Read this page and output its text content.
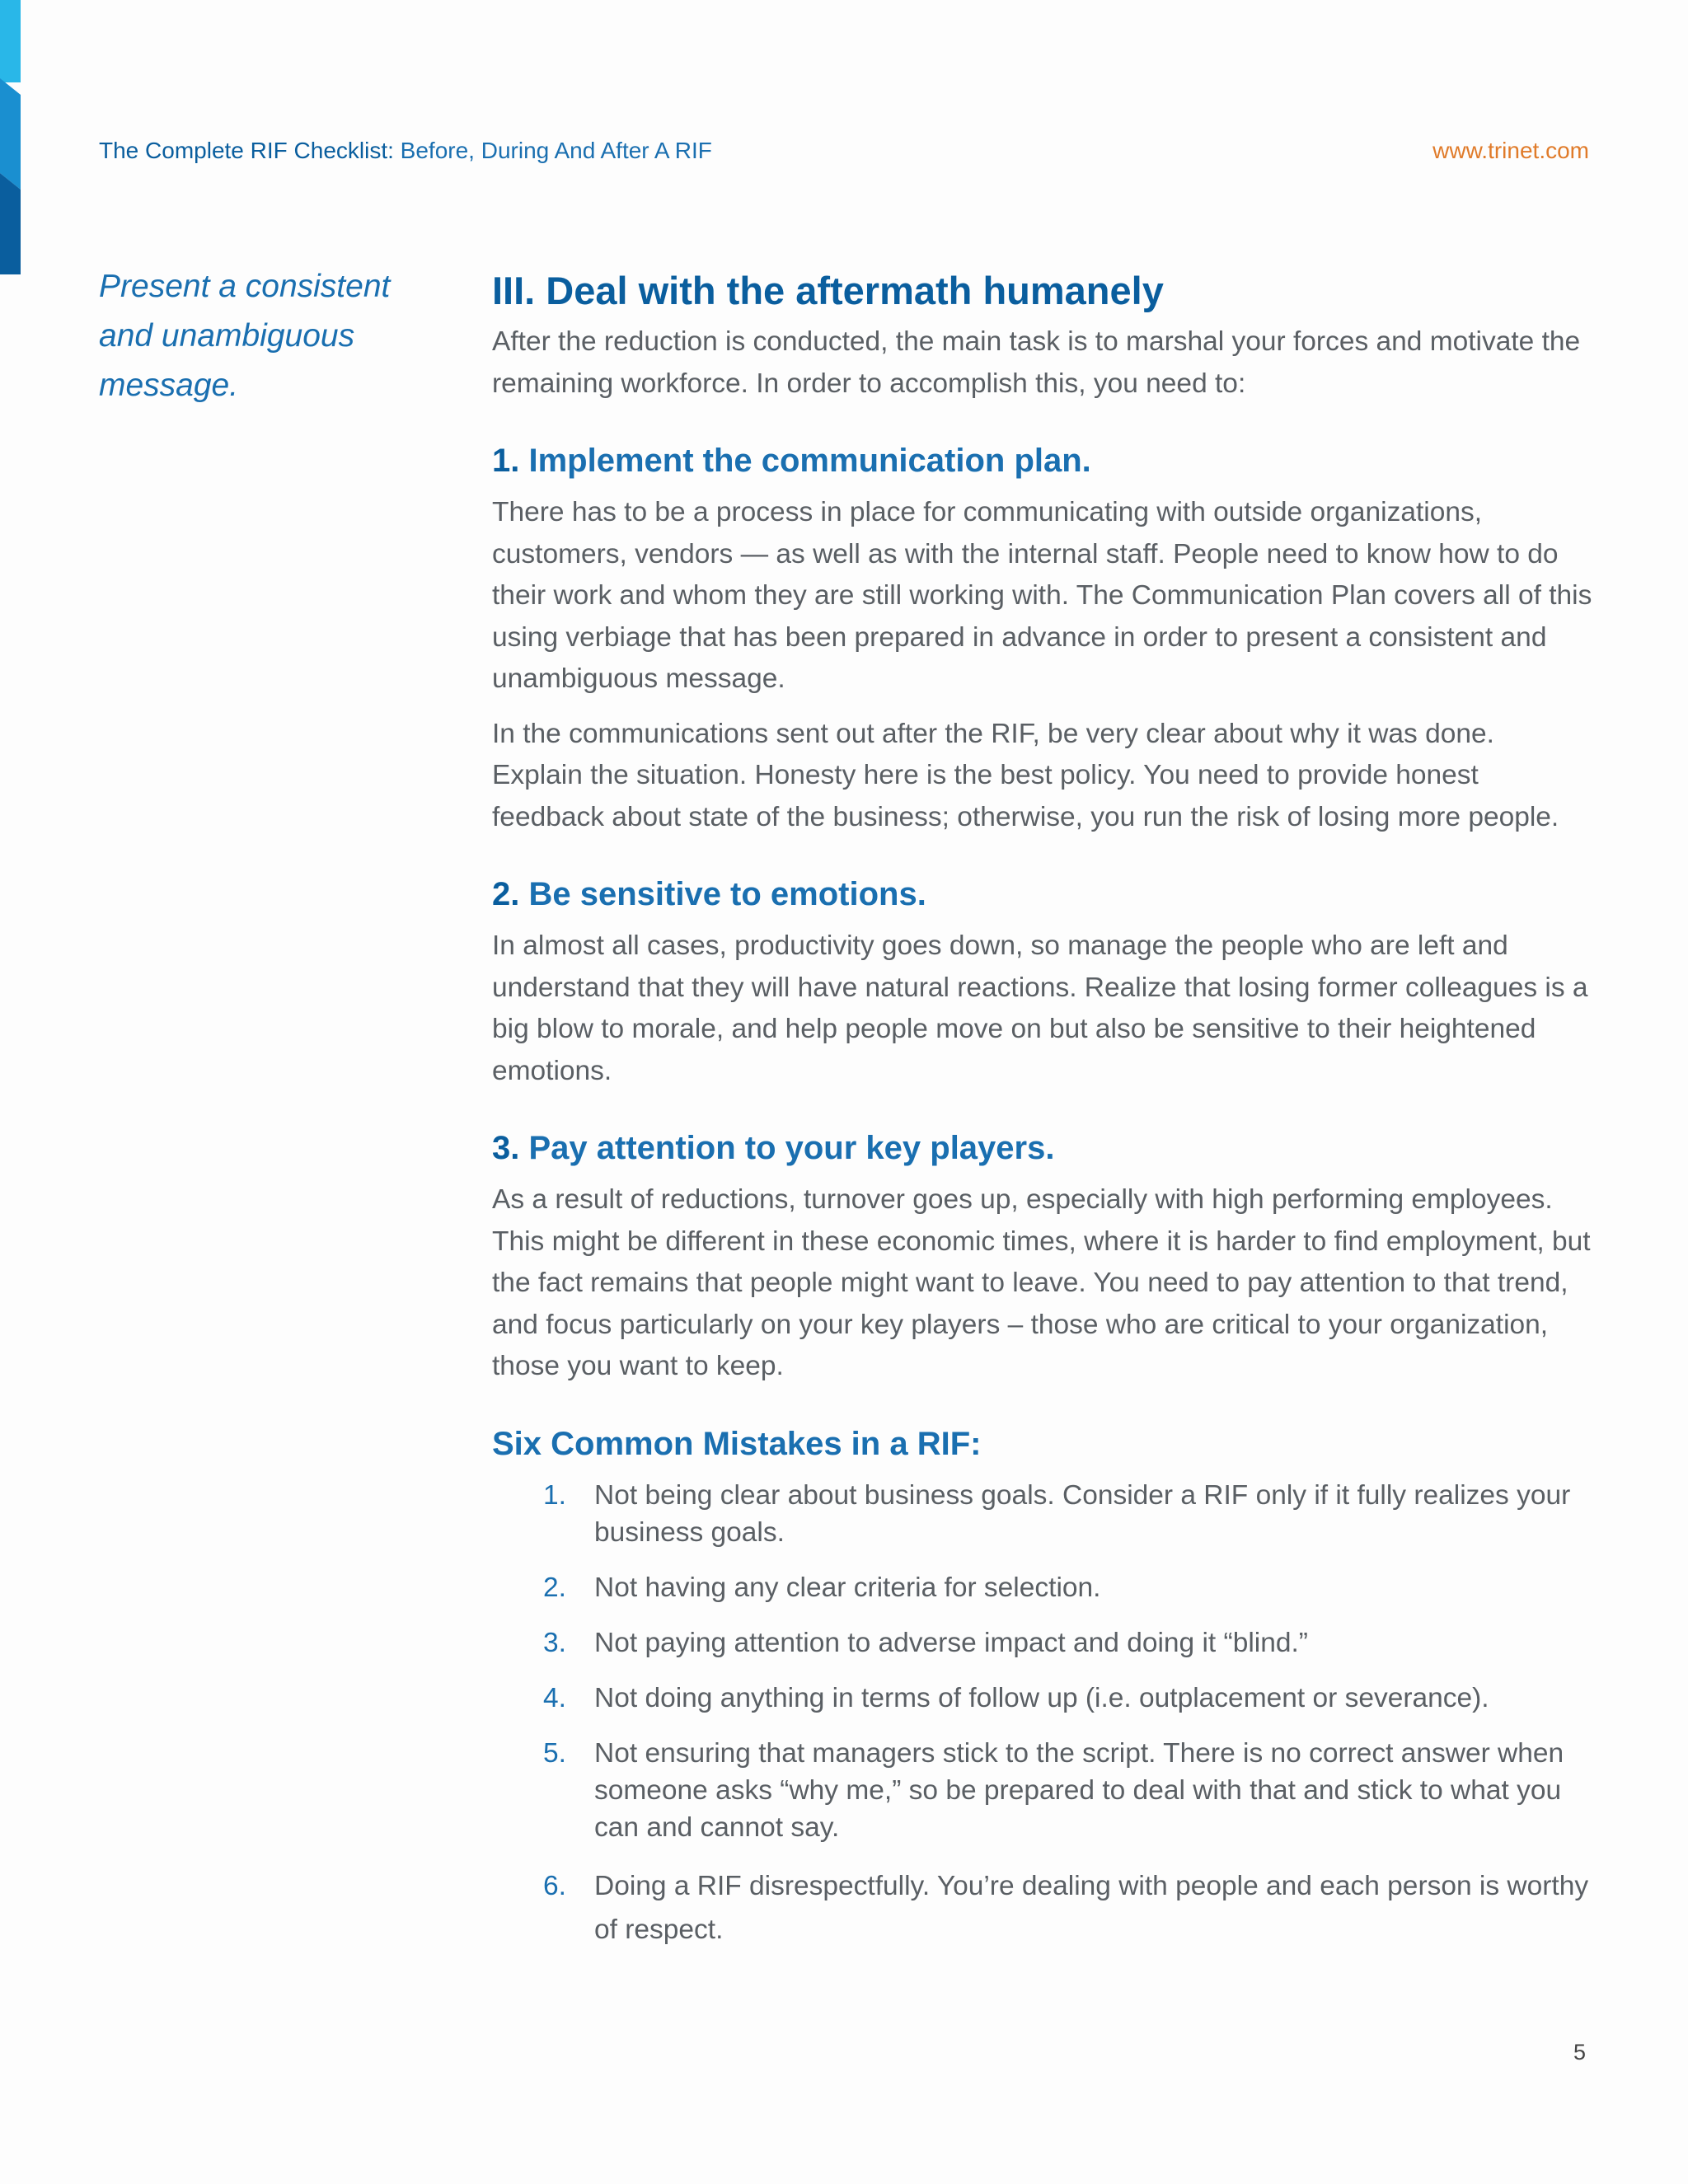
The Complete RIF Checklist: Before, During And After A RIF	www.trinet.com
Present a consistent
and unambiguous
message.
III. Deal with the aftermath humanely

After the reduction is conducted, the main task is to marshal your forces and motivate the remaining workforce. In order to accomplish this, you need to:

1. Implement the communication plan.

There has to be a process in place for communicating with outside organizations, customers, vendors — as well as with the internal staff. People need to know how to do their work and whom they are still working with. The Communication Plan covers all of this using verbiage that has been prepared in advance in order to present a consistent and unambiguous message.

In the communications sent out after the RIF, be very clear about why it was done. Explain the situation. Honesty here is the best policy. You need to provide honest feedback about state of the business; otherwise, you run the risk of losing more people.

2. Be sensitive to emotions.

In almost all cases, productivity goes down, so manage the people who are left and understand that they will have natural reactions. Realize that losing former colleagues is a big blow to morale, and help people move on but also be sensitive to their heightened emotions.

3. Pay attention to your key players.

As a result of reductions, turnover goes up, especially with high performing employees. This might be different in these economic times, where it is harder to find employment, but the fact remains that people might want to leave. You need to pay attention to that trend, and focus particularly on your key players – those who are critical to your organization, those you want to keep.

Six Common Mistakes in a RIF:
1. Not being clear about business goals. Consider a RIF only if it fully realizes your business goals.
2. Not having any clear criteria for selection.
3. Not paying attention to adverse impact and doing it “blind.”
4. Not doing anything in terms of follow up (i.e. outplacement or severance).
5. Not ensuring that managers stick to the script. There is no correct answer when someone asks “why me,” so be prepared to deal with that and stick to what you can and cannot say.
6. Doing a RIF disrespectfully. You’re dealing with people and each person is worthy of respect.
5
